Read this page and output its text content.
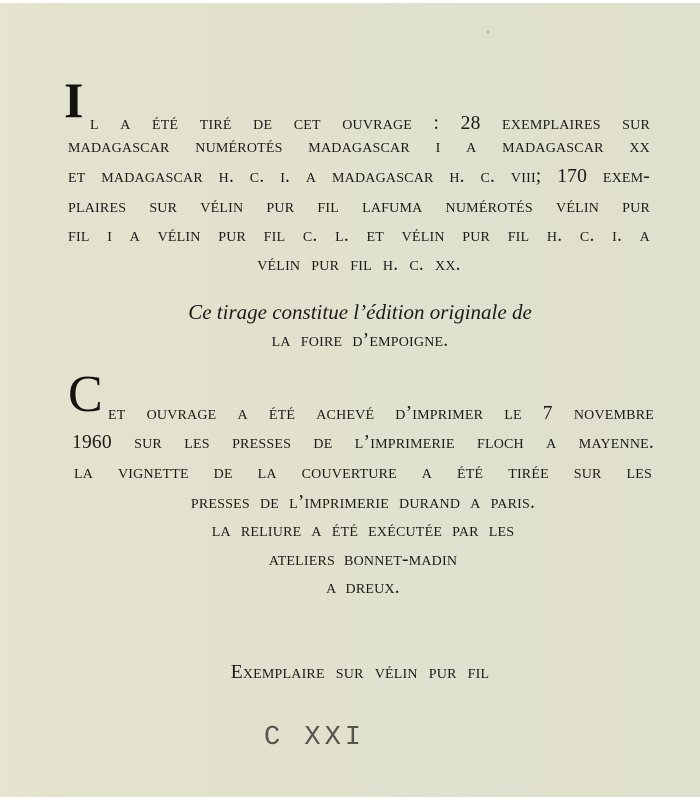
I l a été tiré de cet ouvrage : 28 exemplaires sur
madagascar numérotés madagascar i a madagascar xx
et madagascar h. c. i. a madagascar h. c. viii; 170 exem-
plaires sur vélin pur fil lafuma numérotés vélin pur
fil i a vélin pur fil c. l. et vélin pur fil h. c. i. a
vélin pur fil h. c. xx.
Ce tirage constitue l’édition originale de
la foire d’empoigne.
C et ouvrage a été achevé d’imprimer le 7 novembre
1960 sur les presses de l’imprimerie floch a mayenne.
la vignette de la couverture a été tirée sur les
presses de l’imprimerie durand a paris.
la reliure a été exécutée par les
ateliers bonnet-madin
a dreux.
Exemplaire sur vélin pur fil
C XXI
